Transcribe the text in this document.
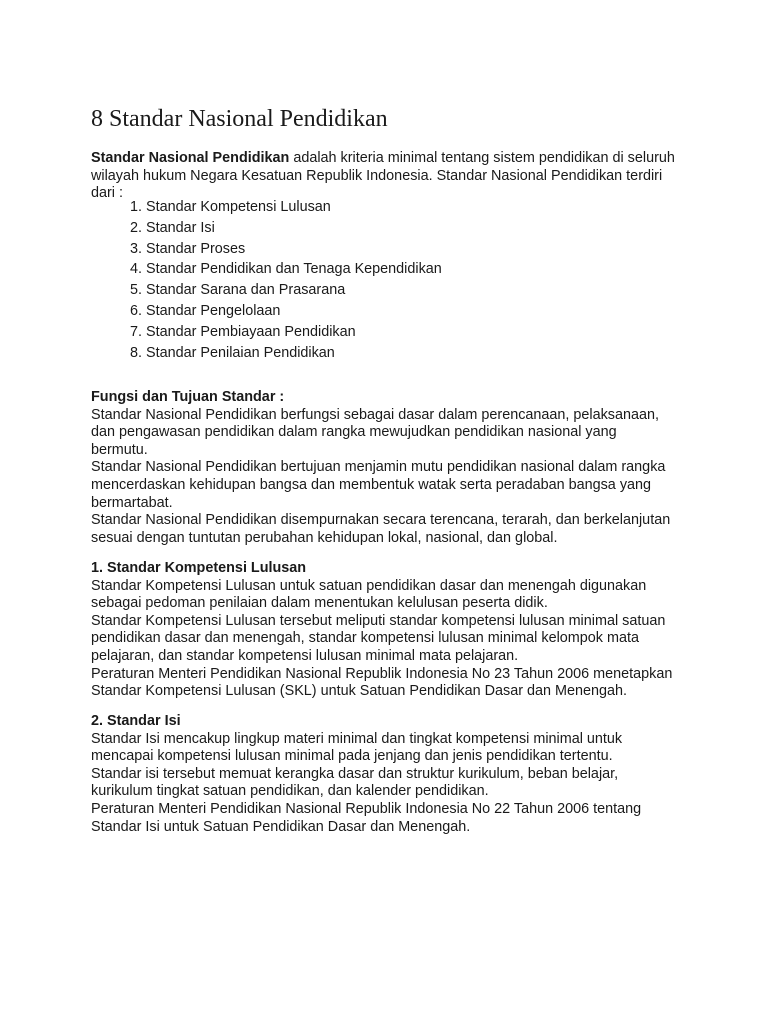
8 Standar Nasional Pendidikan

Standar Nasional Pendidikan adalah kriteria minimal tentang sistem pendidikan di seluruh

wilayah hukum Negara Kesatuan Republik Indonesia. Standar Nasional Pendidikan terdiri

dari :

1. Standar Kompetensi Lulusan
2. Standar Isi
3. Standar Proses
4. Standar Pendidikan dan Tenaga Kependidikan
5. Standar Sarana dan Prasarana
6. Standar Pengelolaan
7. Standar Pembiayaan Pendidikan
8. Standar Penilaian Pendidikan

Fungsi dan Tujuan Standar :

Standar Nasional Pendidikan berfungsi sebagai dasar dalam perencanaan, pelaksanaan,

dan pengawasan pendidikan dalam rangka mewujudkan pendidikan nasional yang

bermutu.

Standar Nasional Pendidikan bertujuan menjamin mutu pendidikan nasional dalam rangka

mencerdaskan kehidupan bangsa dan membentuk watak serta peradaban bangsa yang

bermartabat.

Standar Nasional Pendidikan disempurnakan secara terencana, terarah, dan berkelanjutan

sesuai dengan tuntutan perubahan kehidupan lokal, nasional, dan global.

1. Standar Kompetensi Lulusan

Standar Kompetensi Lulusan untuk satuan pendidikan dasar dan menengah digunakan

sebagai pedoman penilaian dalam menentukan kelulusan peserta didik.

Standar Kompetensi Lulusan tersebut meliputi standar kompetensi lulusan minimal satuan

pendidikan dasar dan menengah, standar kompetensi lulusan minimal kelompok mata

pelajaran, dan standar kompetensi lulusan minimal mata pelajaran.

Peraturan Menteri Pendidikan Nasional Republik Indonesia No 23 Tahun 2006 menetapkan

Standar Kompetensi Lulusan (SKL) untuk Satuan Pendidikan Dasar dan Menengah.

2. Standar Isi

Standar Isi mencakup lingkup materi minimal dan tingkat kompetensi minimal untuk

mencapai kompetensi lulusan minimal pada jenjang dan jenis pendidikan tertentu.

Standar isi tersebut memuat kerangka dasar dan struktur kurikulum, beban belajar,

kurikulum tingkat satuan pendidikan, dan kalender pendidikan.

Peraturan Menteri Pendidikan Nasional Republik Indonesia No 22 Tahun 2006 tentang

Standar Isi untuk Satuan Pendidikan Dasar dan Menengah.
